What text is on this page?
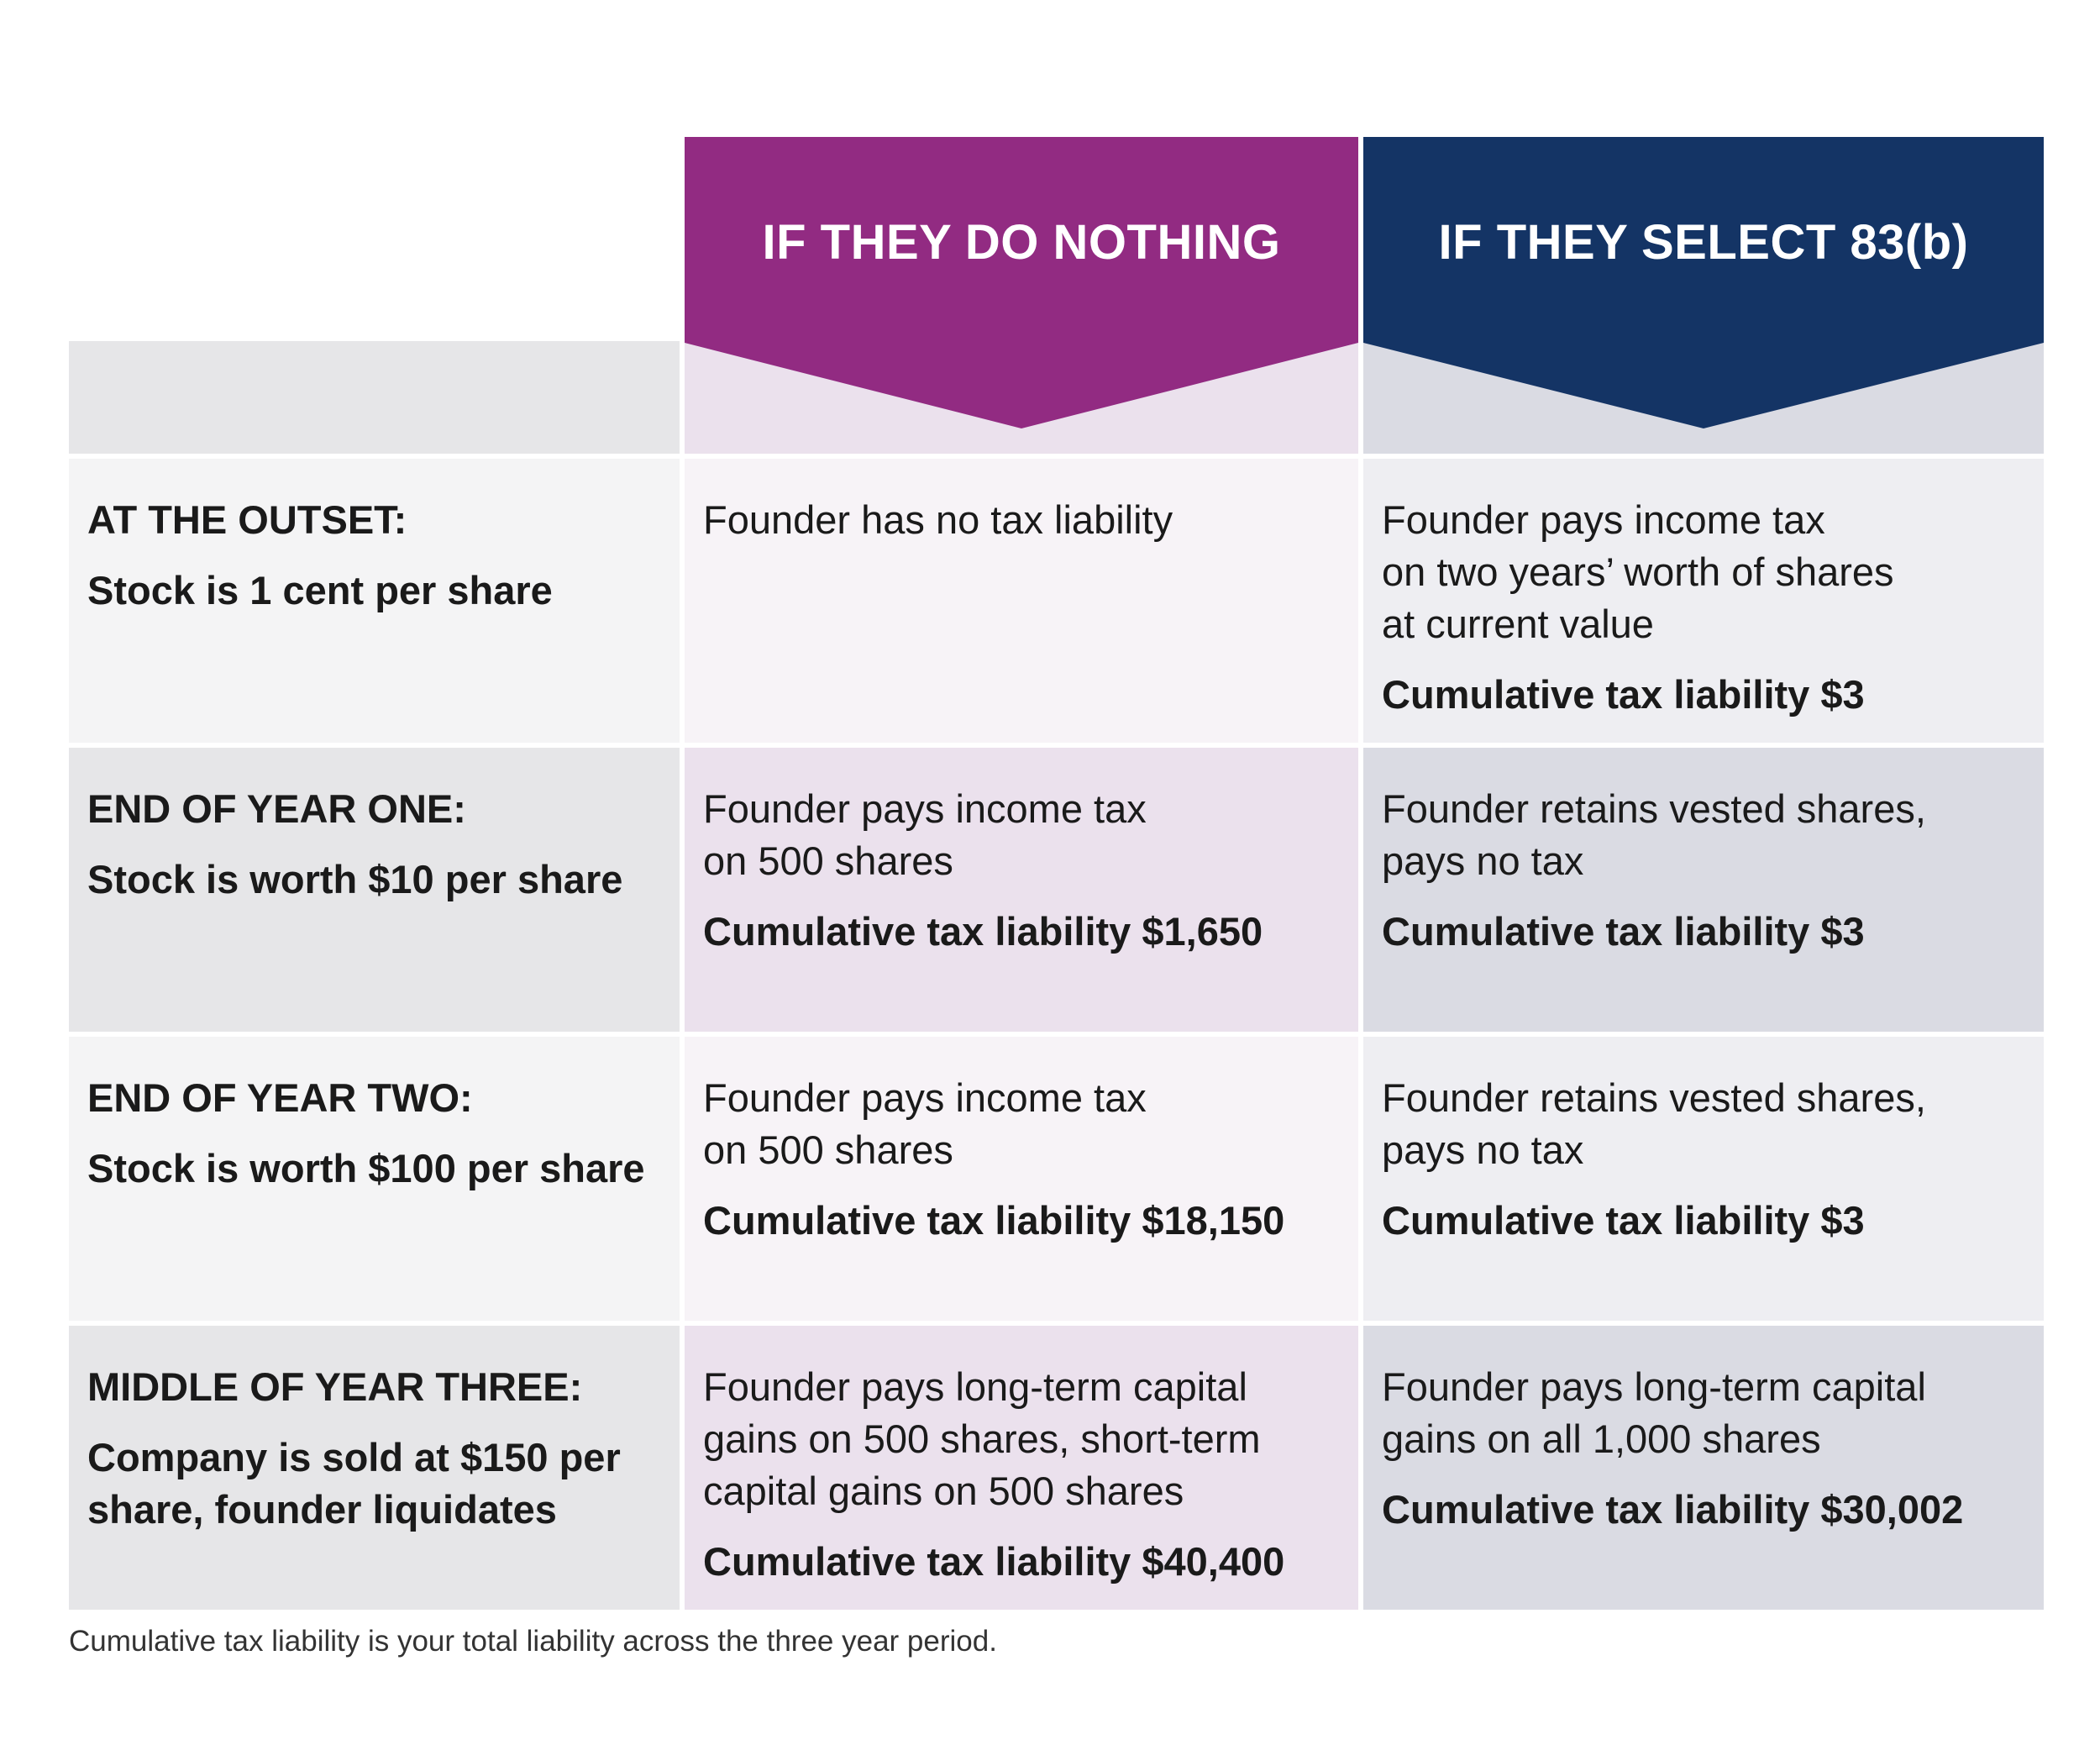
IF THEY DO NOTHING	IF THEY SELECT 83(b)
AT THE OUTSET:
Stock is 1 cent per share
Founder has no tax liability	Founder pays income tax
on two years’ worth of shares
at current value
Cumulative tax liability $3
END OF YEAR ONE:
Stock is worth $10 per share
Founder pays income tax
on 500 shares
Cumulative tax liability $1,650
Founder retains vested shares,
pays no tax
Cumulative tax liability $3
END OF YEAR TWO:
Stock is worth $100 per share
Founder pays income tax
on 500 shares
Cumulative tax liability $18,150
Founder retains vested shares,
pays no tax
Cumulative tax liability $3
MIDDLE OF YEAR THREE:
Company is sold at $150 per
share, founder liquidates
Founder pays long-term capital
gains on 500 shares, short-term
capital gains on 500 shares
Cumulative tax liability $40,400
Founder pays long-term capital
gains on all 1,000 shares
Cumulative tax liability $30,002
Cumulative tax liability is your total liability across the three year period.
